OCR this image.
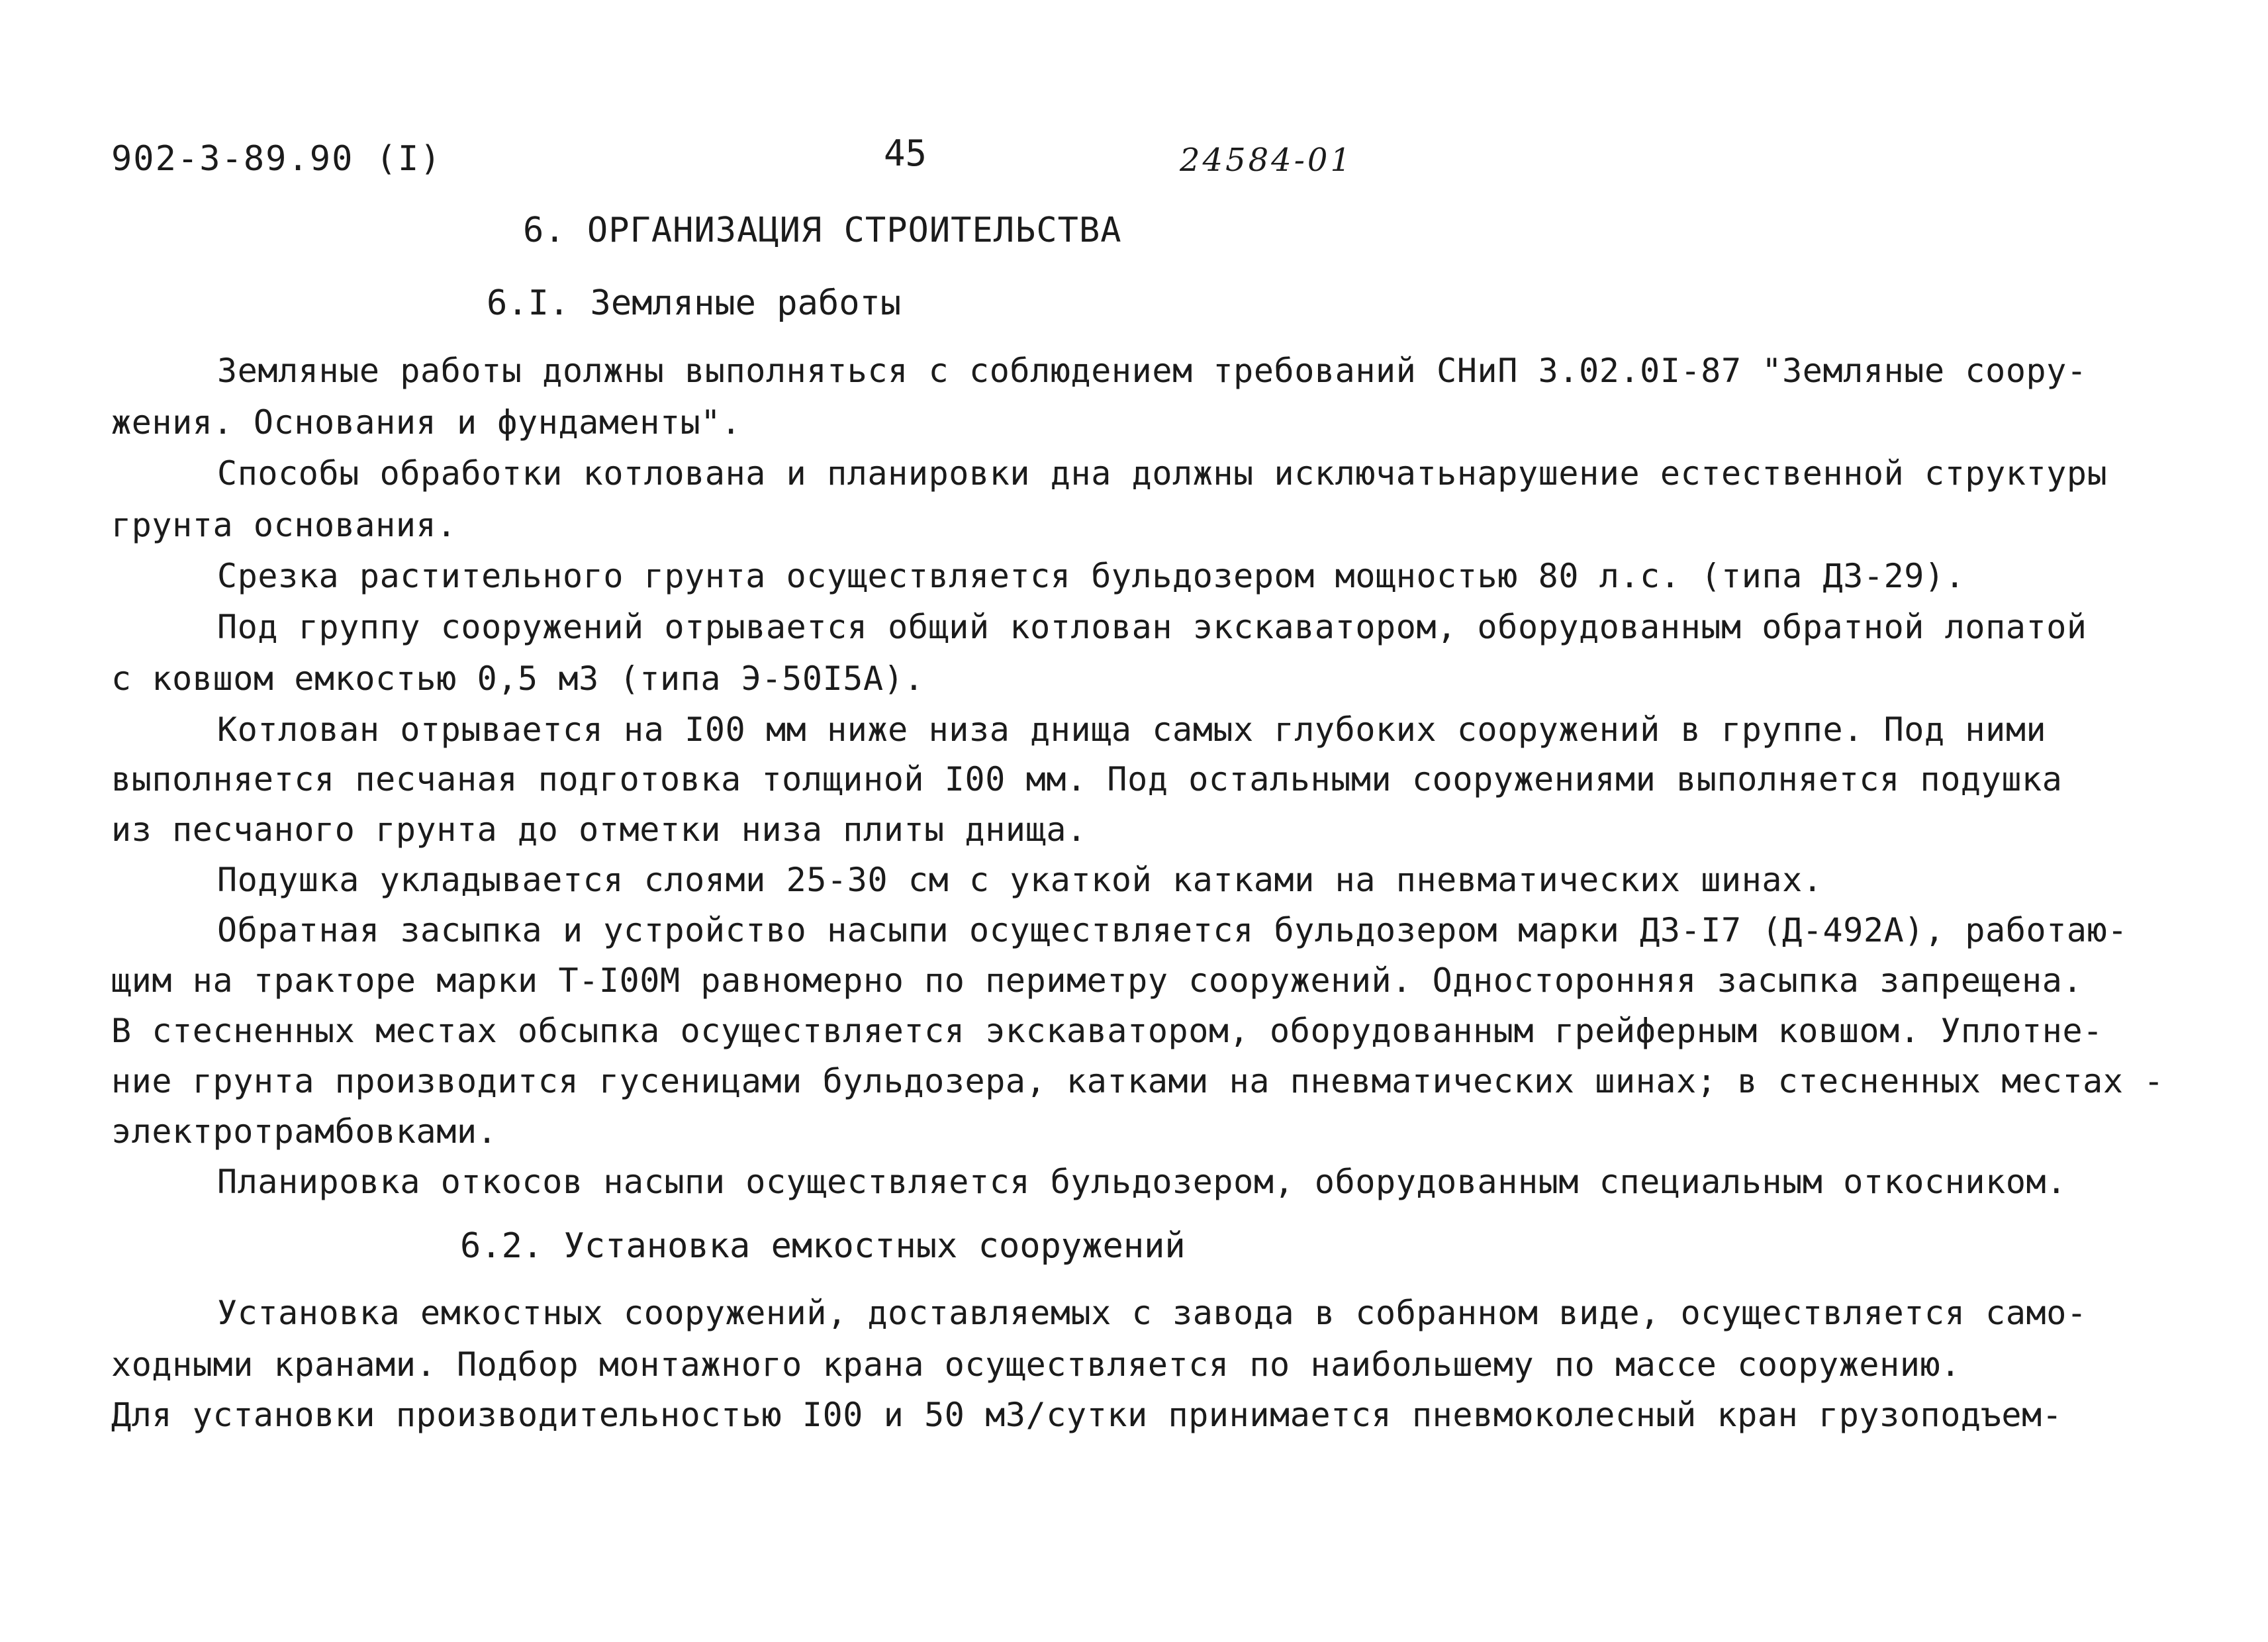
902-3-89.90 (I)	45	24584-01
6. ОРГАНИЗАЦИЯ СТРОИТЕЛЬСТВА
6.I. Земляные работы
Земляные работы должны выполняться с соблюдением требований СНиП 3.02.0I-87 "Земляные соору-
жения. Основания и фундаменты".
Способы обработки котлована и планировки дна должны исключатьнарушение естественной структуры
грунта основания.
Срезка растительного грунта осуществляется бульдозером мощностью 80 л.с. (типа ДЗ-29).
Под группу сооружений отрывается общий котлован экскаватором, оборудованным обратной лопатой
с ковшом емкостью 0,5 м3 (типа Э-50I5А).
Котлован отрывается на I00 мм ниже низа днища самых глубоких сооружений в группе. Под ними
выполняется песчаная подготовка толщиной I00 мм. Под остальными сооружениями выполняется подушка
из песчаного грунта до отметки низа плиты днища.
Подушка укладывается слоями 25-30 см с укаткой катками на пневматических шинах.
Обратная засыпка и устройство насыпи осуществляется бульдозером марки ДЗ-I7 (Д-492А), работаю-
щим на тракторе марки Т-I00М равномерно по периметру сооружений. Односторонняя засыпка запрещена.
В стесненных местах обсыпка осуществляется экскаватором, оборудованным грейферным ковшом. Уплотне-
ние грунта производится гусеницами бульдозера, катками на пневматических шинах; в стесненных местах -
электротрамбовками.
Планировка откосов насыпи осуществляется бульдозером, оборудованным специальным откосником.
6.2. Установка емкостных сооружений
Установка емкостных сооружений, доставляемых с завода в собранном виде, осуществляется само-
ходными кранами. Подбор монтажного крана осуществляется по наибольшему по массе сооружению.
Для установки производительностью I00 и 50 м3/сутки принимается пневмоколесный кран грузоподъем-
